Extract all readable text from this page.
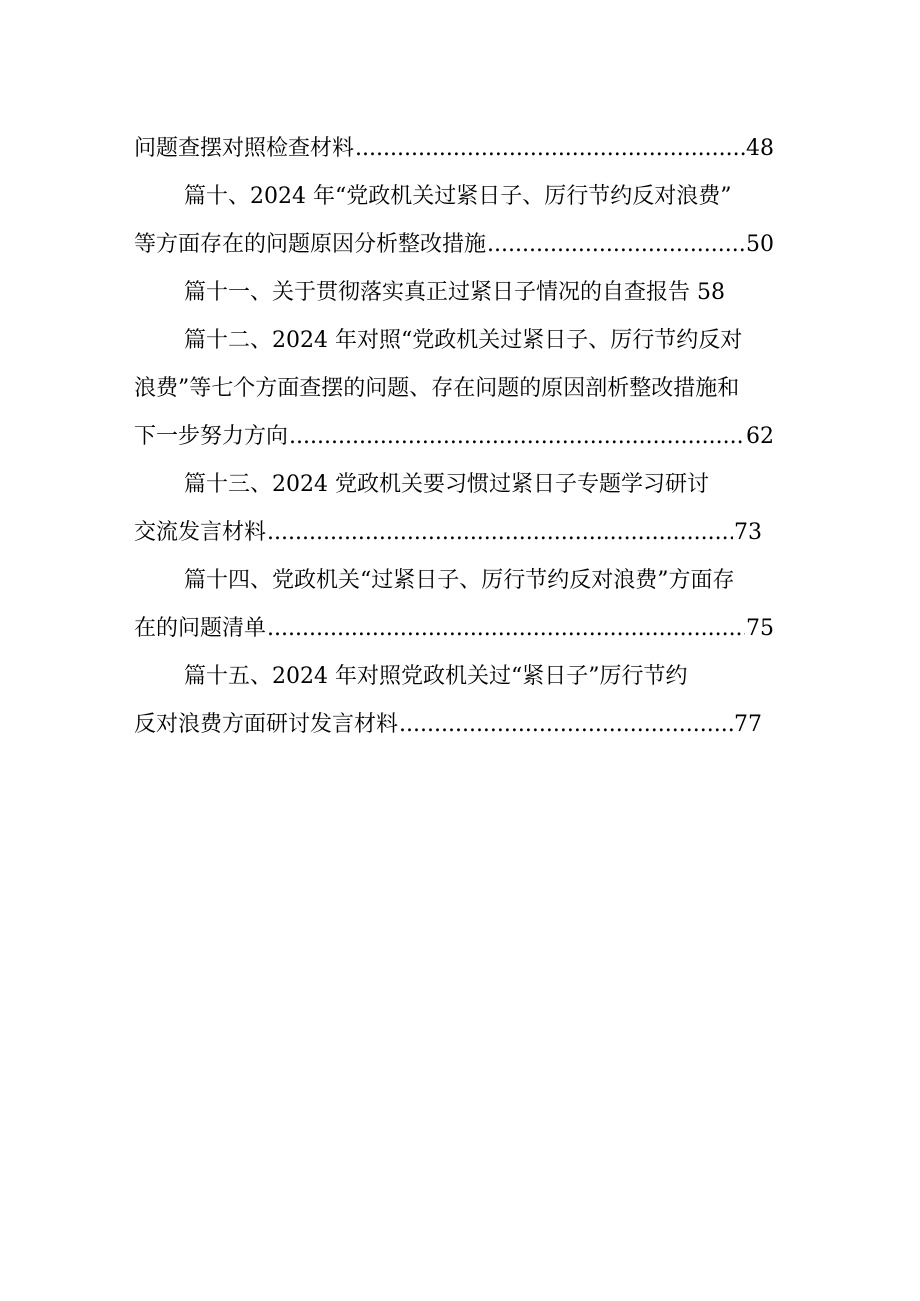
问题查摆对照检查材料 .....	48
篇十、2024 年“党政机关过紧日子、厉行节约反对浪费”
等方面存在的问题原因分析整改措施 .....	50
篇十一、关于贯彻落实真正过紧日子情况的自查报告 58
篇十二、2024 年对照“党政机关过紧日子、厉行节约反对
浪费”等七个方面查摆的问题、存在问题的原因剖析整改措施和
下一步努力方向 .....	62
篇十三、2024 党政机关要习惯过紧日子专题学习研讨
交流发言材料 .....	73
篇十四、党政机关“过紧日子、厉行节约反对浪费”方面存
在的问题清单 .....	75
篇十五、2024 年对照党政机关过“紧日子”厉行节约
反对浪费方面研讨发言材料 .....	77
